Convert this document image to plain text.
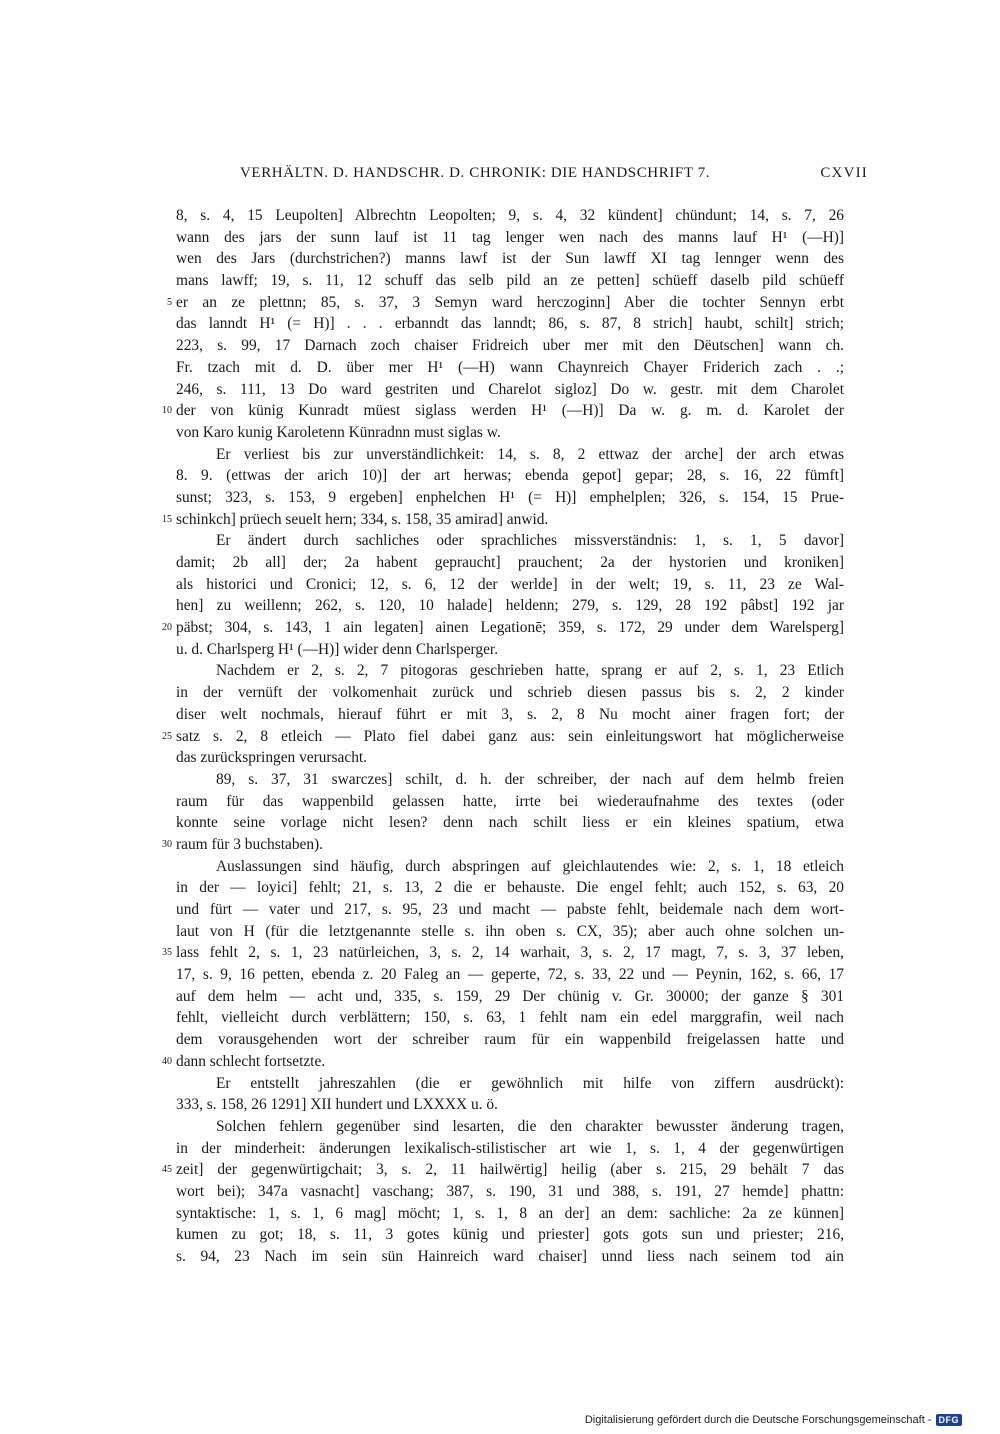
VERHÄLTN. D. HANDSCHR. D. CHRONIK: DIE HANDSCHRIFT 7.	CXVII
8, s. 4, 15 Leupolten] Albrechtn Leopolten; 9, s. 4, 32 kündent] chündunt; 14, s. 7, 26
wann des jars der sunn lauf ist 11 tag lenger wen nach des manns lauf H¹ (—H)]
wen des Jars (durchstrichen?) manns lawf ist der Sun lawff XI tag lennger wenn des
mans lawff; 19, s. 11, 12 schuff das selb pild an ze petten] schüeff daselb pild schüeff
5 er an ze plettnn; 85, s. 37, 3 Semyn ward herczoginn] Aber die tochter Sennyn erbt
das lanndt H¹ (= H)] . . . erbanndt das lanndt; 86, s. 87, 8 strich] haubt, schilt] strich;
223, s. 99, 17 Darnach zoch chaiser Fridreich uber mer mit den Dëutschen] wann ch.
Fr. tzach mit d. D. über mer H¹ (—H) wann Chaynreich Chayer Friderich zach . .;
246, s. 111, 13 Do ward gestriten und Charelot sigloz] Do w. gestr. mit dem Charolet
10 der von künig Kunradt müest siglass werden H¹ (—H)] Da w. g. m. d. Karolet der
von Karo kunig Karoletenn Künradnn must siglas w.
Er verliest bis zur unverständlichkeit: 14, s. 8, 2 ettwaz der arche] der arch etwas
8. 9. (ettwas der arich 10)] der art herwas; ebenda gepot] gepar; 28, s. 16, 22 fümft]
sunst; 323, s. 153, 9 ergeben] enphelchen H¹ (= H)] emphelplen; 326, s. 154, 15 Prue-
15 schinkch] prüech seuelt hern; 334, s. 158, 35 amirad] anwid.
Er ändert durch sachliches oder sprachliches missverständnis: 1, s. 1, 5 davor]
damit; 2b all] der; 2a habent gepraucht] prauchent; 2a der hystorien und kroniken]
als historici und Cronici; 12, s. 6, 12 der werlde] in der welt; 19, s. 11, 23 ze Wal-
hen] zu weillenn; 262, s. 120, 10 halade] heldenn; 279, s. 129, 28 192 pâbst] 192 jar
20 päbst; 304, s. 143, 1 ain legaten] ainen Legationē; 359, s. 172, 29 under dem Warelsperg]
u. d. Charlsperg H¹ (—H)] wider denn Charlsperger.
Nachdem er 2, s. 2, 7 pitogoras geschrieben hatte, sprang er auf 2, s. 1, 23 Etlich
in der vernüft der volkomenhait zurück und schrieb diesen passus bis s. 2, 2 kinder
diser welt nochmals, hierauf führt er mit 3, s. 2, 8 Nu mocht ainer fragen fort; der
25 satz s. 2, 8 etleich — Plato fiel dabei ganz aus: sein einleitungswort hat möglicherweise
das zurückspringen verursacht.
89, s. 37, 31 swarczes] schilt, d. h. der schreiber, der nach auf dem helmb freien
raum für das wappenbild gelassen hatte, irrte bei wiederaufnahme des textes (oder
konnte seine vorlage nicht lesen? denn nach schilt liess er ein kleines spatium, etwa
30 raum für 3 buchstaben).
Auslassungen sind häufig, durch abspringen auf gleichlautendes wie: 2, s. 1, 18 etleich
in der — loyici] fehlt; 21, s. 13, 2 die er behauste. Die engel fehlt; auch 152, s. 63, 20
und fürt — vater und 217, s. 95, 23 und macht — pabste fehlt, beidemale nach dem wort-
laut von H (für die letztgenannte stelle s. ihn oben s. CX, 35); aber auch ohne solchen un-
35 lass fehlt 2, s. 1, 23 natürleichen, 3, s. 2, 14 warhait, 3, s. 2, 17 magt, 7, s. 3, 37 leben,
17, s. 9, 16 petten, ebenda z. 20 Faleg an — geperte, 72, s. 33, 22 und — Peynin, 162, s. 66, 17
auf dem helm — acht und, 335, s. 159, 29 Der chünig v. Gr. 30000; der ganze § 301
fehlt, vielleicht durch verblättern; 150, s. 63, 1 fehlt nam ein edel marggrafin, weil nach
dem vorausgehenden wort der schreiber raum für ein wappenbild freigelassen hatte und
40 dann schlecht fortsetzte.
Er entstellt jahreszahlen (die er gewöhnlich mit hilfe von ziffern ausdrückt):
333, s. 158, 26 1291] XII hundert und LXXXX u. ö.
Solchen fehlern gegenüber sind lesarten, die den charakter bewusster änderung tragen,
in der minderheit: änderungen lexikalisch-stilistischer art wie 1, s. 1, 4 der gegenwürtigen
45 zeit] der gegenwürtigchait; 3, s. 2, 11 hailwërtig] heilig (aber s. 215, 29 behält 7 das
wort bei); 347a vasnacht] vaschang; 387, s. 190, 31 und 388, s. 191, 27 hemde] phattn:
syntaktische: 1, s. 1, 6 mag] möcht; 1, s. 1, 8 an der] an dem: sachliche: 2a ze künnen]
kumen zu got; 18, s. 11, 3 gotes künig und priester] gots gots sun und priester; 216,
s. 94, 23 Nach im sein sün Hainreich ward chaiser] unnd liess nach seinem tod ain
Digitalisierung gefördert durch die Deutsche Forschungsgemeinschaft - DFG
